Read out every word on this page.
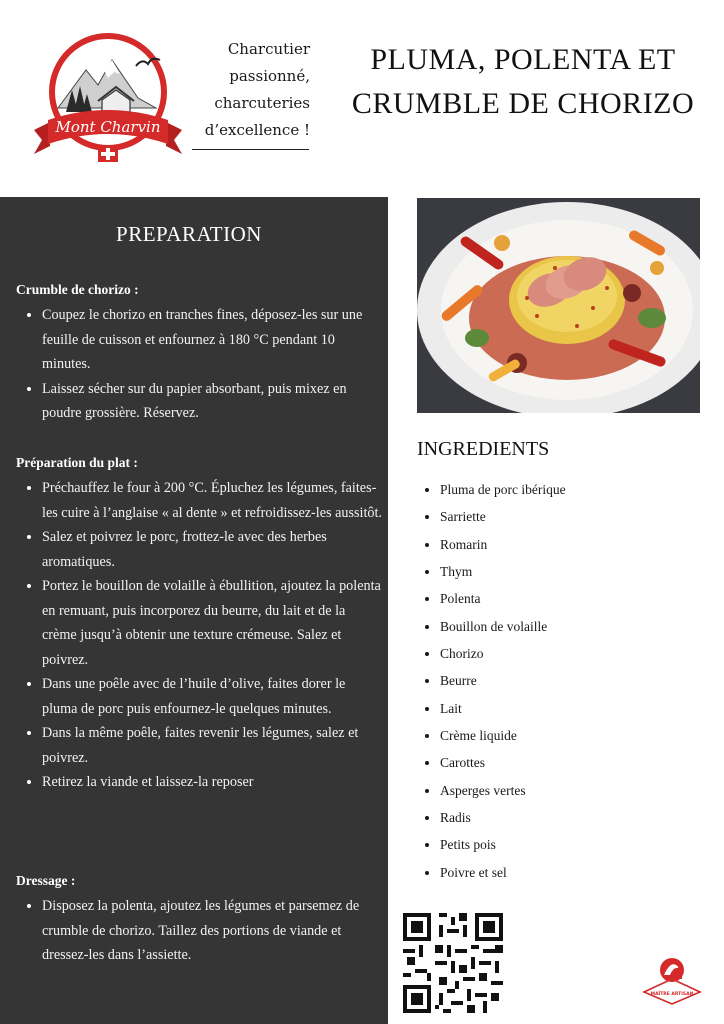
Mont Charvin
Charcutier passionné, charcuteries d’excellence !
PLUMA, POLENTA ET CRUMBLE DE CHORIZO
PREPARATION
Crumble de chorizo :
• Coupez le chorizo en tranches fines, déposez-les sur une feuille de cuisson et enfournez à 180 °C pendant 10 minutes.
• Laissez sécher sur du papier absorbant, puis mixez en poudre grossière. Réservez.
Préparation du plat :
• Préchauffez le four à 200 °C. Épluchez les légumes, faites-les cuire à l’anglaise « al dente » et refroidissez-les aussitôt.
• Salez et poivrez le porc, frottez-le avec des herbes aromatiques.
• Portez le bouillon de volaille à ébullition, ajoutez la polenta en remuant, puis incorporez du beurre, du lait et de la crème jusqu’à obtenir une texture crémeuse. Salez et poivrez.
• Dans une poêle avec de l’huile d’olive, faites dorer le pluma de porc puis enfournez-le quelques minutes.
• Dans la même poêle, faites revenir les légumes, salez et poivrez.
• Retirez la viande et laissez-la reposer
Dressage :
• Disposez la polenta, ajoutez les légumes et parsemez de crumble de chorizo. Taillez des portions de viande et dressez-les dans l’assiette.
INGREDIENTS
• Pluma de porc ibérique
• Sarriette
• Romarin
• Thym
• Polenta
• Bouillon de volaille
• Chorizo
• Beurre
• Lait
• Crème liquide
• Carottes
• Asperges vertes
• Radis
• Petits pois
• Poivre et sel
MAÎTRE ARTISAN
